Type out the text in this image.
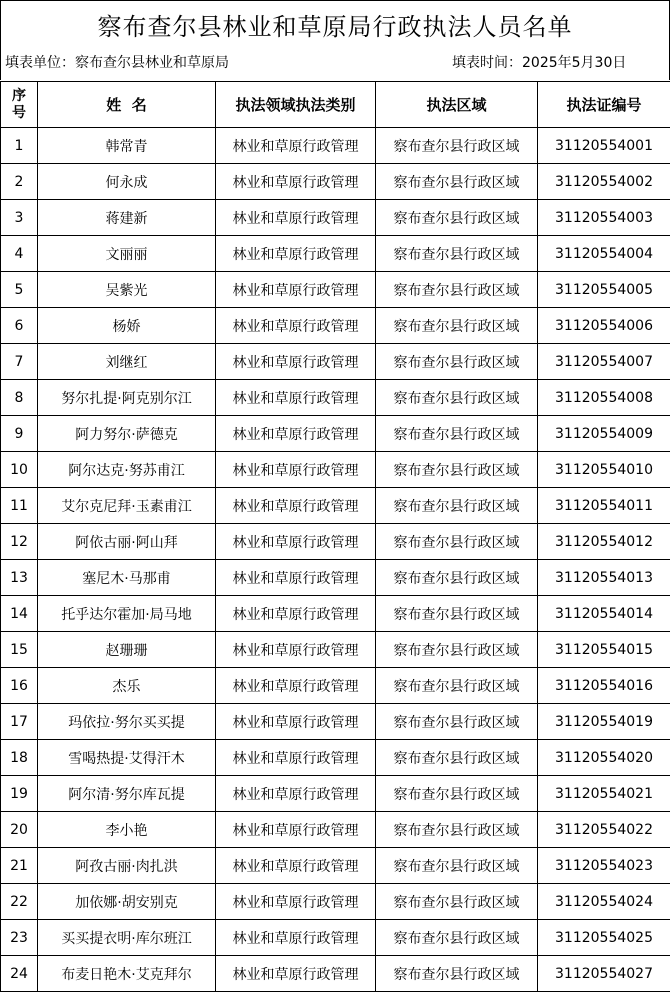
察布查尔县林业和草原局行政执法人员名单
填表单位：察布查尔县林业和草原局	填表时间：2025年5月30日
序
号	姓  名	执法领域执法类别	执法区域	执法证编号
1	韩常青	林业和草原行政管理	察布查尔县行政区域	31120554001
2	何永成	林业和草原行政管理	察布查尔县行政区域	31120554002
3	蒋建新	林业和草原行政管理	察布查尔县行政区域	31120554003
4	文丽丽	林业和草原行政管理	察布查尔县行政区域	31120554004
5	吴紫光	林业和草原行政管理	察布查尔县行政区域	31120554005
6	杨娇	林业和草原行政管理	察布查尔县行政区域	31120554006
7	刘继红	林业和草原行政管理	察布查尔县行政区域	31120554007
8	努尔扎提·阿克别尔江	林业和草原行政管理	察布查尔县行政区域	31120554008
9	阿力努尔·萨德克	林业和草原行政管理	察布查尔县行政区域	31120554009
10	阿尔达克·努苏甫江	林业和草原行政管理	察布查尔县行政区域	31120554010
11	艾尔克尼拜·玉素甫江	林业和草原行政管理	察布查尔县行政区域	31120554011
12	阿依古丽·阿山拜	林业和草原行政管理	察布查尔县行政区域	31120554012
13	塞尼木·马那甫	林业和草原行政管理	察布查尔县行政区域	31120554013
14	托乎达尔霍加·局马地	林业和草原行政管理	察布查尔县行政区域	31120554014
15	赵珊珊	林业和草原行政管理	察布查尔县行政区域	31120554015
16	杰乐	林业和草原行政管理	察布查尔县行政区域	31120554016
17	玛依拉·努尔买买提	林业和草原行政管理	察布查尔县行政区域	31120554019
18	雪喝热提·艾得汗木	林业和草原行政管理	察布查尔县行政区域	31120554020
19	阿尔清·努尔库瓦提	林业和草原行政管理	察布查尔县行政区域	31120554021
20	李小艳	林业和草原行政管理	察布查尔县行政区域	31120554022
21	阿孜古丽·肉扎洪	林业和草原行政管理	察布查尔县行政区域	31120554023
22	加依娜·胡安别克	林业和草原行政管理	察布查尔县行政区域	31120554024
23	买买提衣明·库尔班江	林业和草原行政管理	察布查尔县行政区域	31120554025
24	布麦日艳木·艾克拜尔	林业和草原行政管理	察布查尔县行政区域	31120554027
